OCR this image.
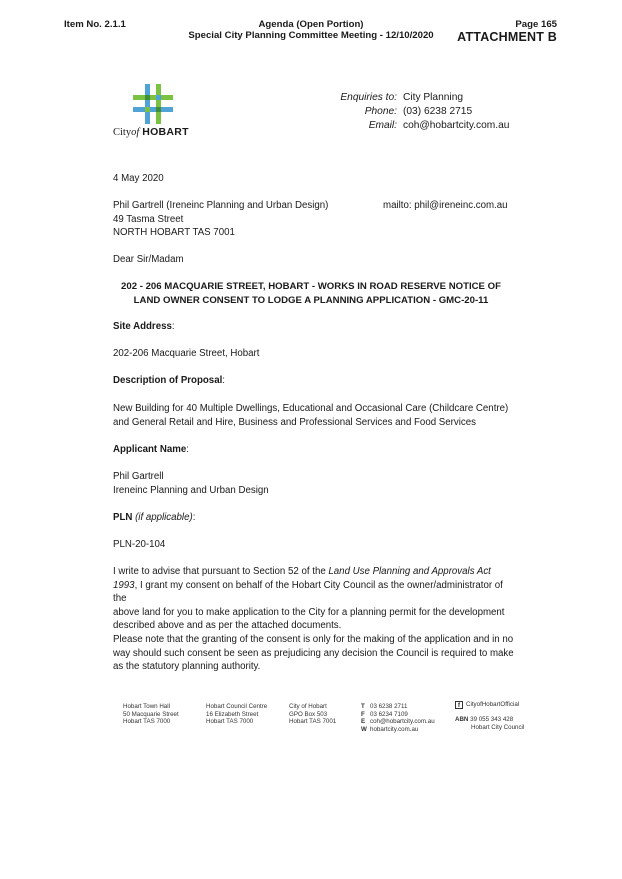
Item No. 2.1.1	Agenda (Open Portion)
Special City Planning Committee Meeting - 12/10/2020
Page 165
ATTACHMENT B
Cityof HOBART
Enquiries to:
Phone:
Email:
City Planning
(03) 6238 2715
coh@hobartcity.com.au
4 May 2020
Phil Gartrell (Ireneinc Planning and Urban Design)
49 Tasma Street
NORTH HOBART TAS 7001
mailto: phil@ireneinc.com.au
Dear Sir/Madam
202 - 206 MACQUARIE STREET, HOBART - WORKS IN ROAD RESERVE NOTICE OF
LAND OWNER CONSENT TO LODGE A PLANNING APPLICATION - GMC-20-11
Site Address:
202-206 Macquarie Street, Hobart
Description of Proposal:
New Building for 40 Multiple Dwellings, Educational and Occasional Care (Childcare Centre)
and General Retail and Hire, Business and Professional Services and Food Services
Applicant Name:
Phil Gartrell
Ireneinc Planning and Urban Design
PLN (if applicable):
PLN-20-104
I write to advise that pursuant to Section 52 of the Land Use Planning and Approvals Act
1993, I grant my consent on behalf of the Hobart City Council as the owner/administrator of the
above land for you to make application to the City for a planning permit for the development
described above and as per the attached documents.
Please note that the granting of the consent is only for the making of the application and in no
way should such consent be seen as prejudicing any decision the Council is required to make
as the statutory planning authority.
Hobart Town Hall
50 Macquarie Street
Hobart TAS 7000
Hobart Council Centre
16 Elizabeth Street
Hobart TAS 7000
City of Hobart
GPO Box 503
Hobart TAS 7001
T 03 6238 2711
F 03 6234 7109
E coh@hobartcity.com.au
W hobartcity.com.au
f CityofHobartOfficial
ABN 39 055 343 428
Hobart City Council
